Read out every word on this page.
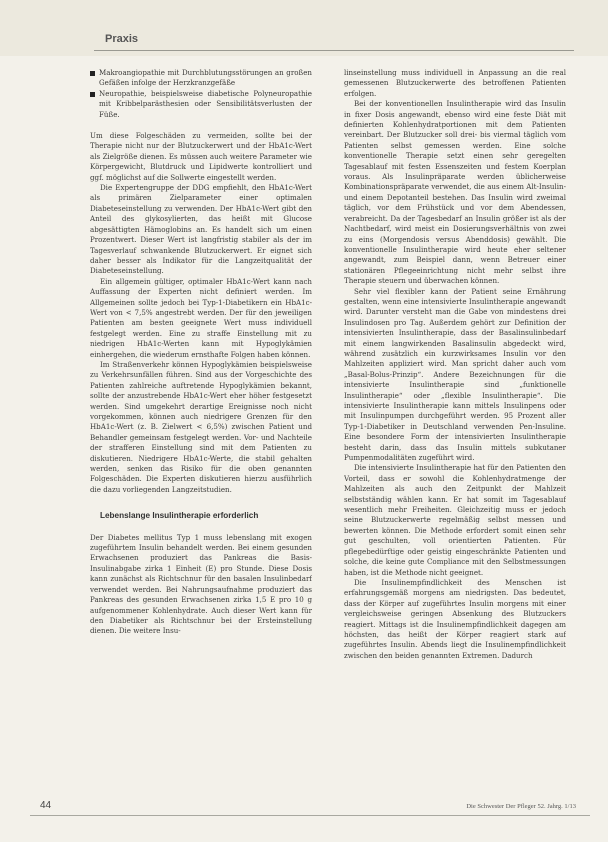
Praxis
Makroangiopathie mit Durchblutungsstörungen an großen Gefäßen infolge der Herzkranzgefäße
Neuropathie, beispielsweise diabetische Polyneuropathie mit Kribbelparästhesien oder Sensibilitätsverlusten der Füße.

Um diese Folgeschäden zu vermeiden, sollte bei der Therapie nicht nur der Blutzuckerwert und der HbA1c-Wert als Zielgröße dienen. Es müssen auch weitere Parameter wie Körpergewicht, Blutdruck und Lipidwerte kontrolliert und ggf. möglichst auf die Sollwerte eingestellt werden.

Die Expertengruppe der DDG empfiehlt, den HbA1c-Wert als primären Zielparameter einer optimalen Diabeteseinstellung zu verwenden. Der HbA1c-Wert gibt den Anteil des glykosylierten, das heißt mit Glucose abgesättigten Hämoglobins an. Es handelt sich um einen Prozentwert. Dieser Wert ist langfristig stabiler als der im Tagesverlauf schwankende Blutzuckerwert. Er eignet sich daher besser als Indikator für die Langzeitqualität der Diabeteseinstellung.

Ein allgemein gültiger, optimaler HbA1c-Wert kann nach Auffassung der Experten nicht definiert werden. Im Allgemeinen sollte jedoch bei Typ-1-Diabetikern ein HbA1c-Wert von < 7,5% angestrebt werden. Der für den jeweiligen Patienten am besten geeignete Wert muss individuell festgelegt werden. Eine zu straffe Einstellung mit zu niedrigen HbA1c-Werten kann mit Hypoglykämien einhergehen, die wiederum ernsthafte Folgen haben können.

Im Straßenverkehr können Hypoglykämien beispielsweise zu Verkehrsunfällen führen. Sind aus der Vorgeschichte des Patienten zahlreiche auftretende Hypoglykämien bekannt, sollte der anzustrebende HbA1c-Wert eher höher festgesetzt werden. Sind umgekehrt derartige Ereignisse noch nicht vorgekommen, können auch niedrigere Grenzen für den HbA1c-Wert (z. B. Zielwert < 6,5%) zwischen Patient und Behandler gemeinsam festgelegt werden. Vor- und Nachteile der strafferen Einstellung sind mit dem Patienten zu diskutieren. Niedrigere HbA1c-Werte, die stabil gehalten werden, senken das Risiko für die oben genannten Folgeschäden. Die Experten diskutieren hierzu ausführlich die dazu vorliegenden Langzeitstudien.

Lebenslange Insulintherapie erforderlich

Der Diabetes mellitus Typ 1 muss lebenslang mit exogen zugeführtem Insulin behandelt werden. Bei einem gesunden Erwachsenen produziert das Pankreas die Basis-Insulinabgabe zirka 1 Einheit (E) pro Stunde. Diese Dosis kann zunächst als Richtschnur für den basalen Insulinbedarf verwendet werden. Bei Nahrungsaufnahme produziert das Pankreas des gesunden Erwachsenen zirka 1,5 E pro 10 g aufgenommener Kohlenhydrate. Auch dieser Wert kann für den Diabetiker als Richtschnur bei der Ersteinstellung dienen. Die weitere Insu-

linseinstellung muss individuell in Anpassung an die real gemessenen Blutzuckerwerte des betroffenen Patienten erfolgen.

Bei der konventionellen Insulintherapie wird das Insulin in fixer Dosis angewandt, ebenso wird eine feste Diät mit definierten Kohlenhydratportionen mit dem Patienten vereinbart. Der Blutzucker soll drei- bis viermal täglich vom Patienten selbst gemessen werden. Eine solche konventionelle Therapie setzt einen sehr geregelten Tagesablauf mit festen Essenszeiten und festem Koerplan voraus. Als Insulinpräparate werden üblicherweise Kombinationspräparate verwendet, die aus einem Alt-Insulin- und einem Depotanteil bestehen. Das Insulin wird zweimal täglich, vor dem Frühstück und vor dem Abendessen, verabreicht. Da der Tagesbedarf an Insulin größer ist als der Nachtbedarf, wird meist ein Dosierungsverhältnis von zwei zu eins (Morgendosis versus Abenddosis) gewählt. Die konventionelle Insulintherapie wird heute eher seltener angewandt, zum Beispiel dann, wenn Betreuer einer stationären Pflegeeinrichtung nicht mehr selbst ihre Therapie steuern und überwachen können.

Sehr viel flexibler kann der Patient seine Ernährung gestalten, wenn eine intensivierte Insulintherapie angewandt wird. Darunter versteht man die Gabe von mindestens drei Insulindosen pro Tag. Außerdem gehört zur Definition der intensivierten Insulintherapie, dass der Basalinsulinbedarf mit einem langwirkenden Basalinsulin abgedeckt wird, während zusätzlich ein kurzwirksames Insulin vor den Mahlzeiten appliziert wird. Man spricht daher auch vom „Basal-Bolus-Prinzip“. Andere Bezeichnungen für die intensivierte Insulintherapie sind „funktionelle Insulintherapie“ oder „flexible Insulintherapie“. Die intensivierte Insulintherapie kann mittels Insulinpens oder mit Insulinpumpen durchgeführt werden. 95 Prozent aller Typ-1-Diabetiker in Deutschland verwenden Pen-Insuline. Eine besondere Form der intensivierten Insulintherapie besteht darin, dass das Insulin mittels subkutaner Pumpenmodalitäten zugeführt wird.

Die intensivierte Insulintherapie hat für den Patienten den Vorteil, dass er sowohl die Kohlenhydratmenge der Mahlzeiten als auch den Zeitpunkt der Mahlzeit selbstständig wählen kann. Er hat somit im Tagesablauf wesentlich mehr Freiheiten. Gleichzeitig muss er jedoch seine Blutzuckerwerte regelmäßig selbst messen und bewerten können. Die Methode erfordert somit einen sehr gut geschulten, voll orientierten Patienten. Für pflegebedürftige oder geistig eingeschränkte Patienten und solche, die keine gute Compliance mit den Selbstmessungen haben, ist die Methode nicht geeignet.

Die Insulinempfindlichkeit des Menschen ist erfahrungsgemäß morgens am niedrigsten. Das bedeutet, dass der Körper auf zugeführtes Insulin morgens mit einer vergleichsweise geringen Absenkung des Blutzuckers reagiert. Mittags ist die Insulinempfindlichkeit dagegen am höchsten, das heißt der Körper reagiert stark auf zugeführtes Insulin. Abends liegt die Insulinempfindlichkeit zwischen den beiden genannten Extremen. Dadurch

44	Die Schwester Der Pfleger 52. Jahrg. 1/13
